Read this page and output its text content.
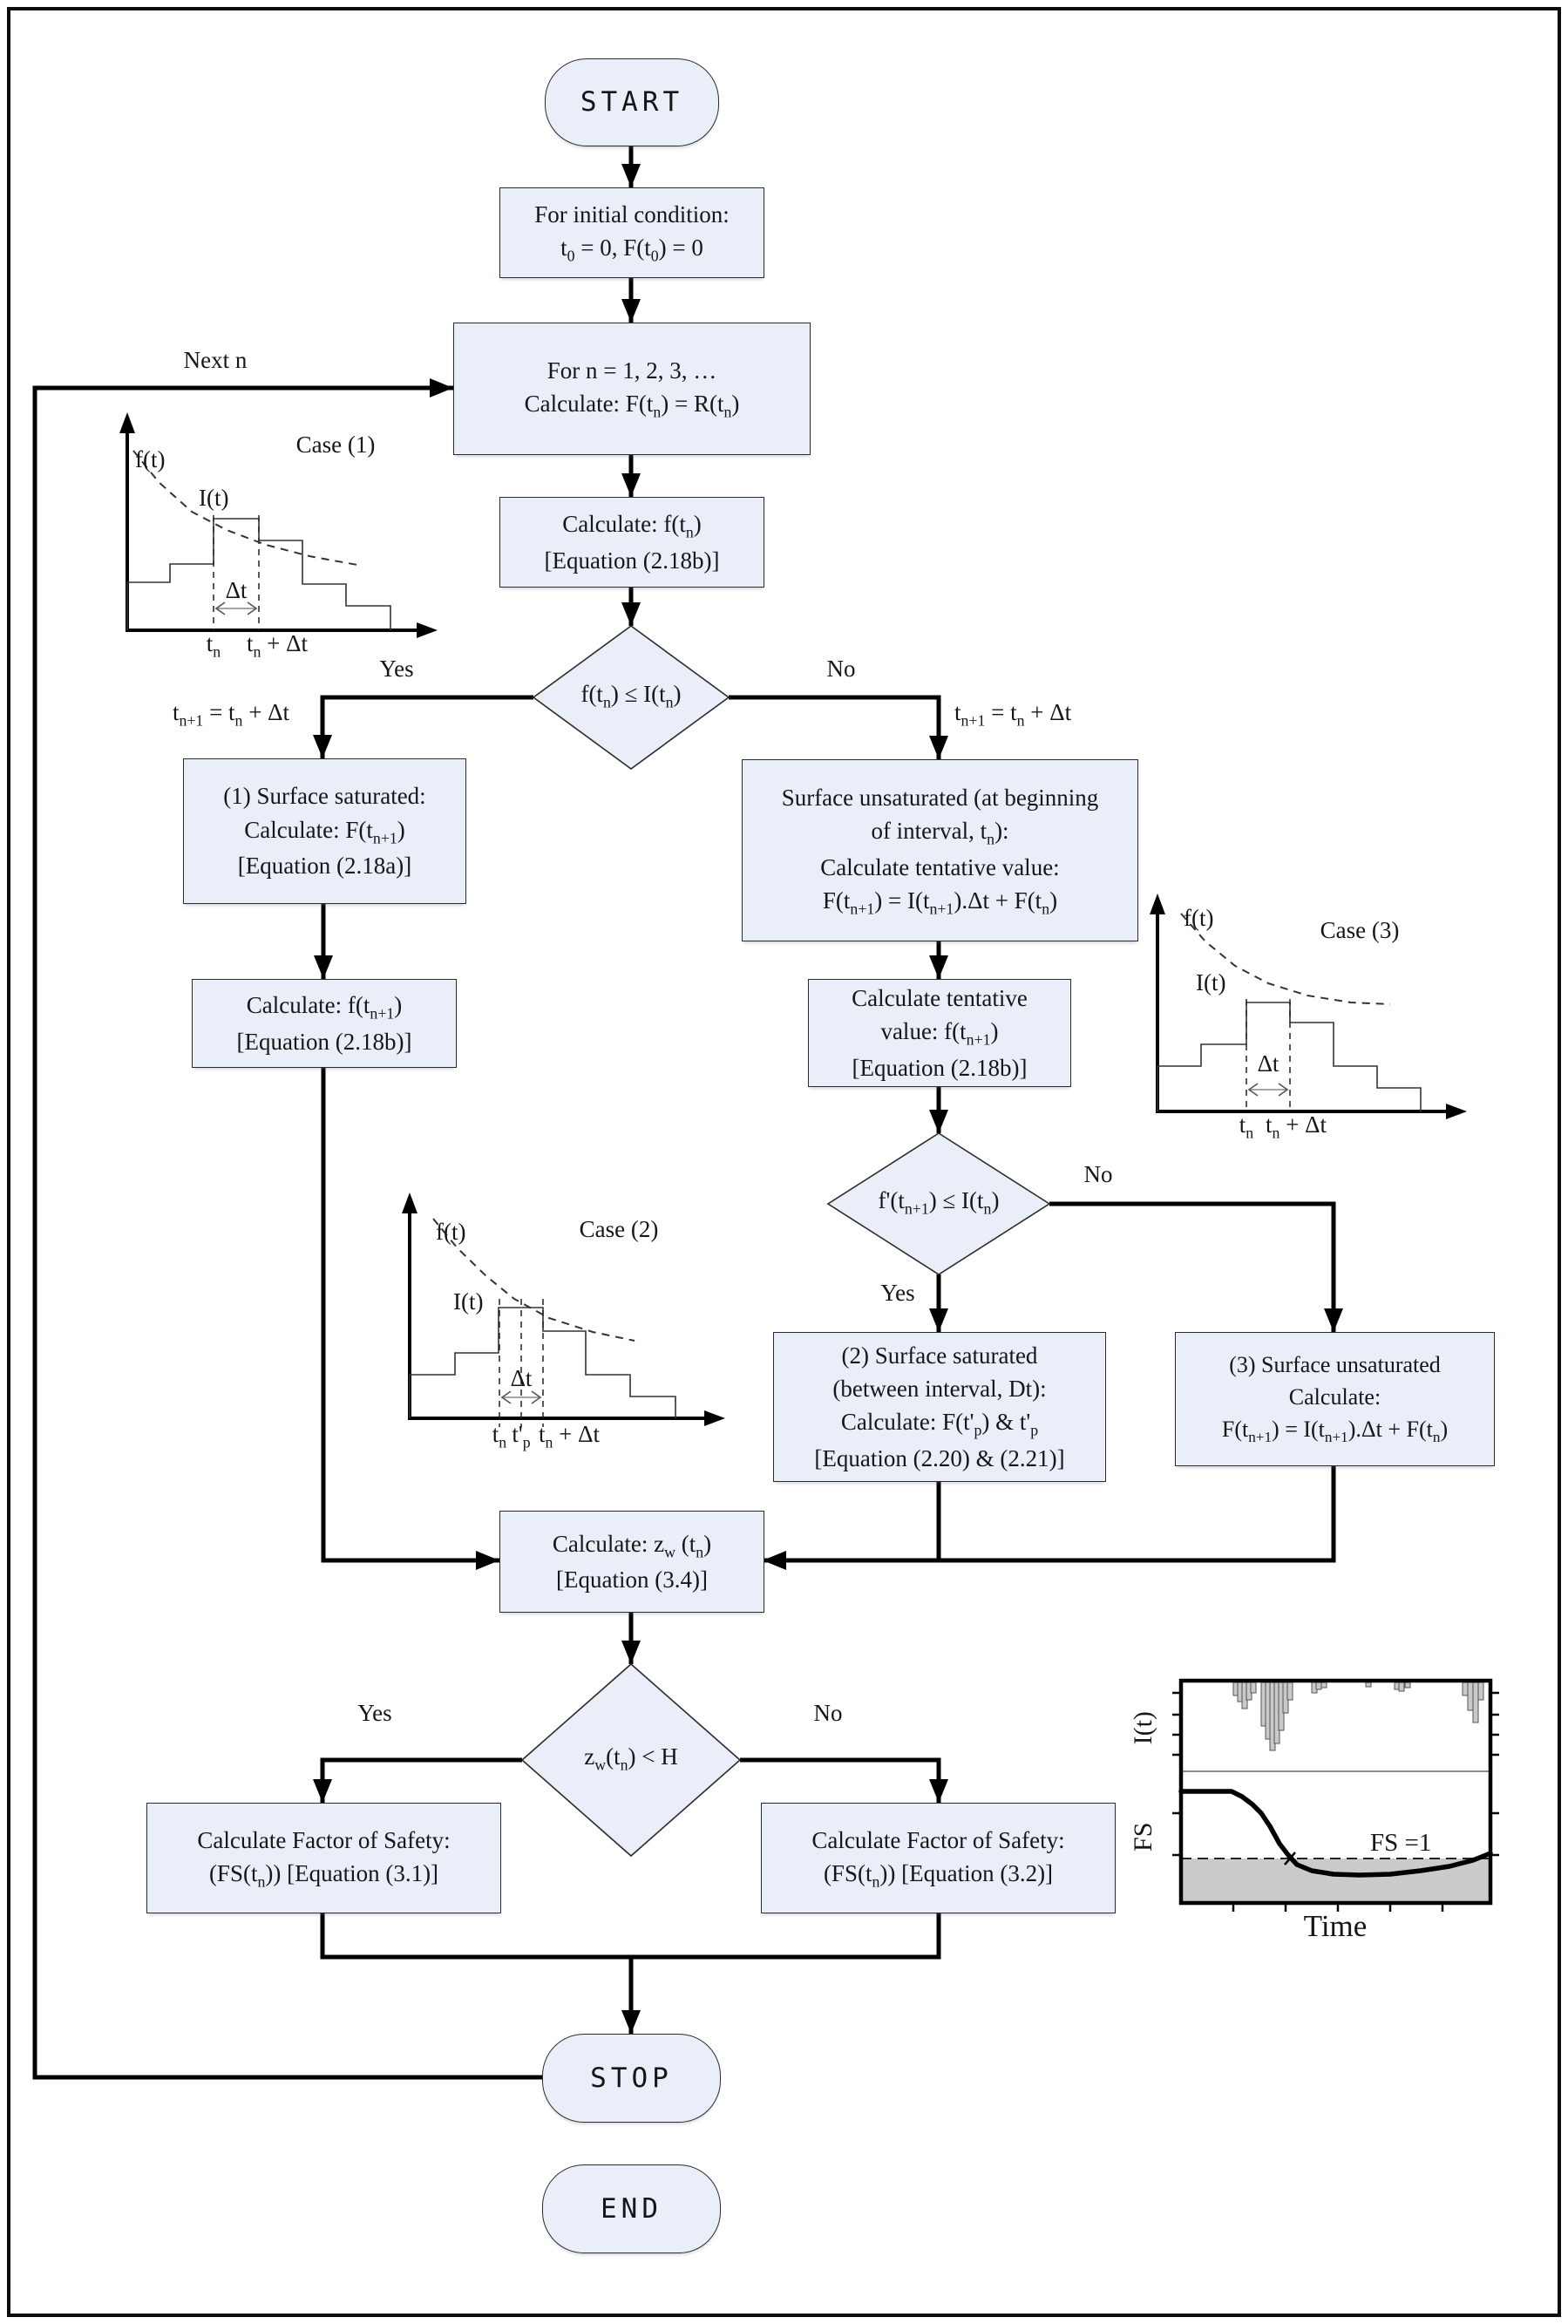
START
For initial condition:
$t_0 = 0$, $F(t_0) = 0$
For n = 1, 2, 3, …
Calculate: $F(t_n) = R(t_n)$
Calculate: $f(t_n)$
[Equation (2.18b)]
$f(t_n) \le I(t_n)$
(1) Surface saturated:
Calculate: $F(t_{n+1})$
[Equation (2.18a)]
Calculate: $f(t_{n+1})$
[Equation (2.18b)]
Surface unsaturated (at beginning
of interval, $t_n$):
Calculate tentative value:
$F(t_{n+1}) = I(t_{n+1}).\Delta t + F(t_n)$
Calculate tentative
value: $f(t_{n+1})$
[Equation (2.18b)]
$f'(t_{n+1}) \le I(t_n)$
(2) Surface saturated
(between interval, Dt):
Calculate: $F(t'_p)$ & $t'_p$
[Equation (2.20) & (2.21)]
(3) Surface unsaturated
Calculate:
$F(t_{n+1}) = I(t_{n+1}).\Delta t + F(t_n)$
Calculate: $z_w$ $(t_n)$
[Equation (3.4)]
$z_w(t_n) < H$
Calculate Factor of Safety:
$(FS(t_n))$ [Equation (3.1)]
Calculate Factor of Safety:
$(FS(t_n))$ [Equation (3.2)]
STOP
END
Next n
Yes	No
$t_{n+1} = t_n + \Delta t$	$t_{n+1} = t_n + \Delta t$
No
Yes
Yes	No
f(t)
Case (1)
I(t)
Δt
$t_n$	$t_n + \Delta t$
f(t)	Case (2)
I(t)
Δt
$t_n$ $t'_p$ $t_n + \Delta t$
f(t)	Case (3)
I(t)
Δt
$t_n$ $t_n + \Delta t$
I(t)
FS	FS =1
Time
